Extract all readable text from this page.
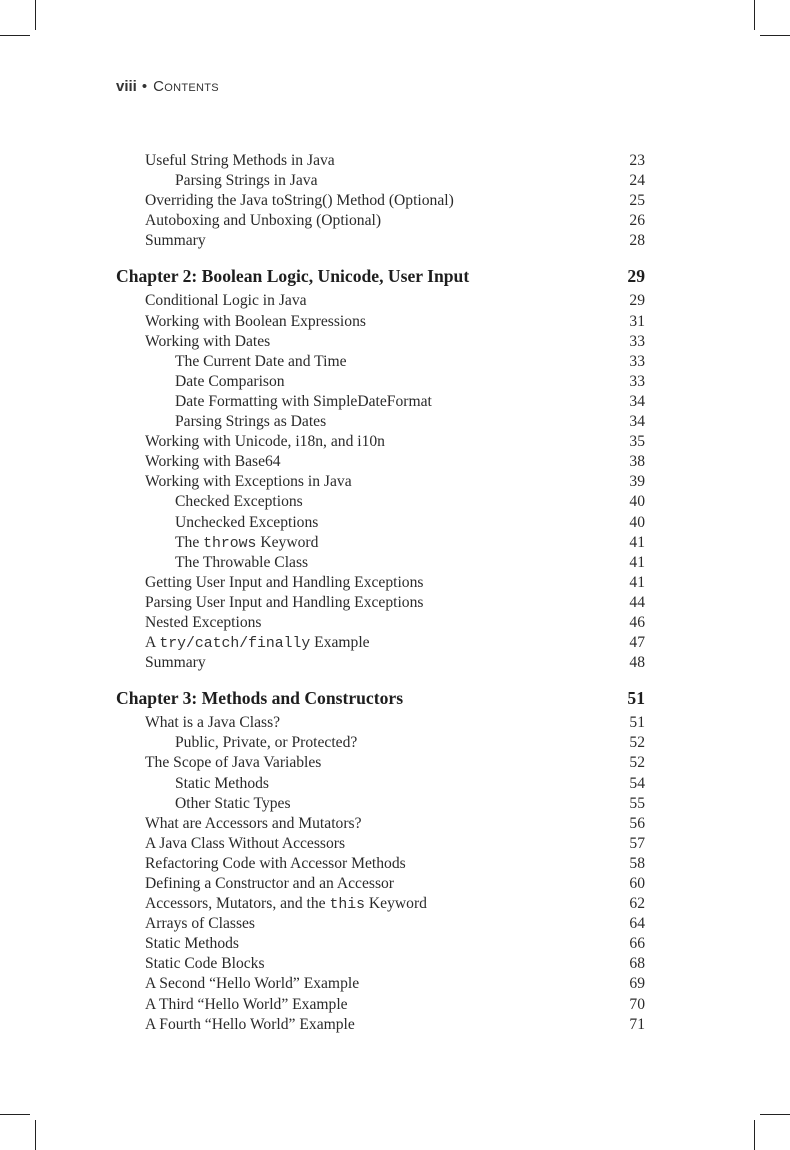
viii • Contents
Useful String Methods in Java	23
Parsing Strings in Java	24
Overriding the Java toString() Method (Optional)	25
Autoboxing and Unboxing (Optional)	26
Summary	28
Chapter 2: Boolean Logic, Unicode, User Input	29
Conditional Logic in Java	29
Working with Boolean Expressions	31
Working with Dates	33
The Current Date and Time	33
Date Comparison	33
Date Formatting with SimpleDateFormat	34
Parsing Strings as Dates	34
Working with Unicode, i18n, and i10n	35
Working with Base64	38
Working with Exceptions in Java	39
Checked Exceptions	40
Unchecked Exceptions	40
The throws Keyword	41
The Throwable Class	41
Getting User Input and Handling Exceptions	41
Parsing User Input and Handling Exceptions	44
Nested Exceptions	46
A try/catch/finally Example	47
Summary	48
Chapter 3: Methods and Constructors	51
What is a Java Class?	51
Public, Private, or Protected?	52
The Scope of Java Variables	52
Static Methods	54
Other Static Types	55
What are Accessors and Mutators?	56
A Java Class Without Accessors	57
Refactoring Code with Accessor Methods	58
Defining a Constructor and an Accessor	60
Accessors, Mutators, and the this Keyword	62
Arrays of Classes	64
Static Methods	66
Static Code Blocks	68
A Second “Hello World” Example	69
A Third “Hello World” Example	70
A Fourth “Hello World” Example	71
